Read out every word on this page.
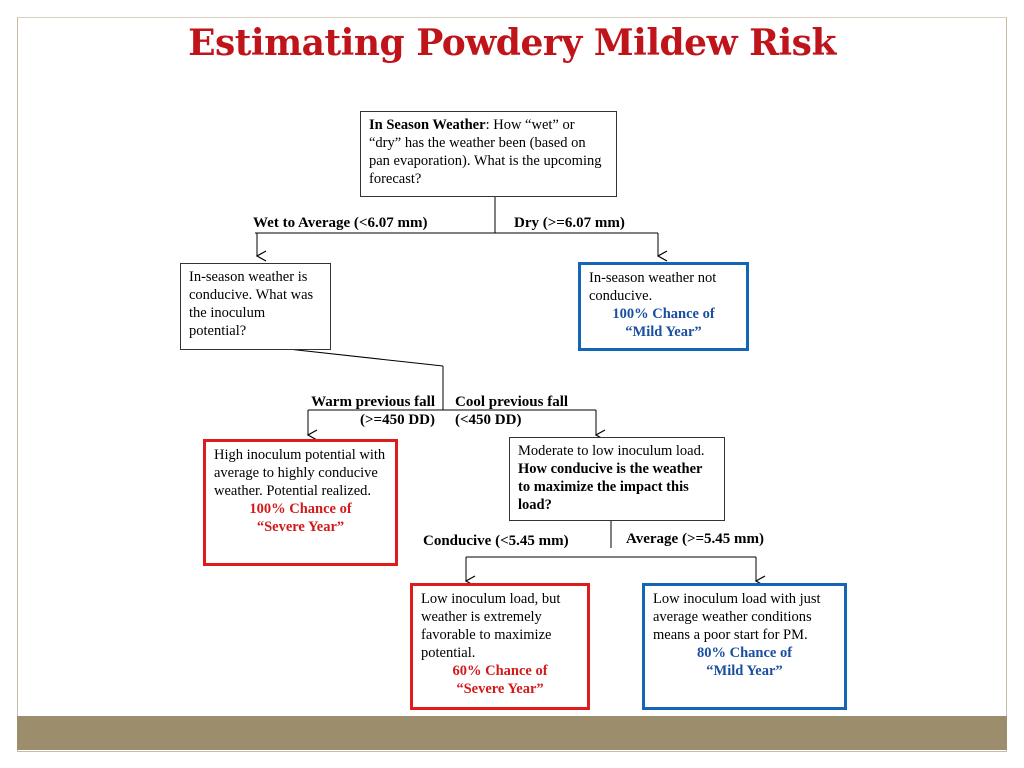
Estimating Powdery Mildew Risk
In Season Weather: How “wet” or “dry” has the weather been (based on pan evaporation). What is the upcoming forecast?
Wet to Average (<6.07 mm)	Dry (>=6.07 mm)
In-season weather is conducive. What was the inoculum potential?
In-season weather not conducive.
100% Chance of
“Mild Year”
Warm previous fall
(>=450 DD)
Cool previous fall
(<450 DD)
High inoculum potential with average to highly conducive weather. Potential realized.
100% Chance of
“Severe Year”
Moderate to low inoculum load. How conducive is the weather to maximize the impact this load?
Conducive (<5.45 mm)	Average (>=5.45 mm)
Low inoculum load, but weather is extremely favorable to maximize potential.
60% Chance of
“Severe Year”
Low inoculum load with just average weather conditions means a poor start for PM.
80% Chance of
“Mild Year”
